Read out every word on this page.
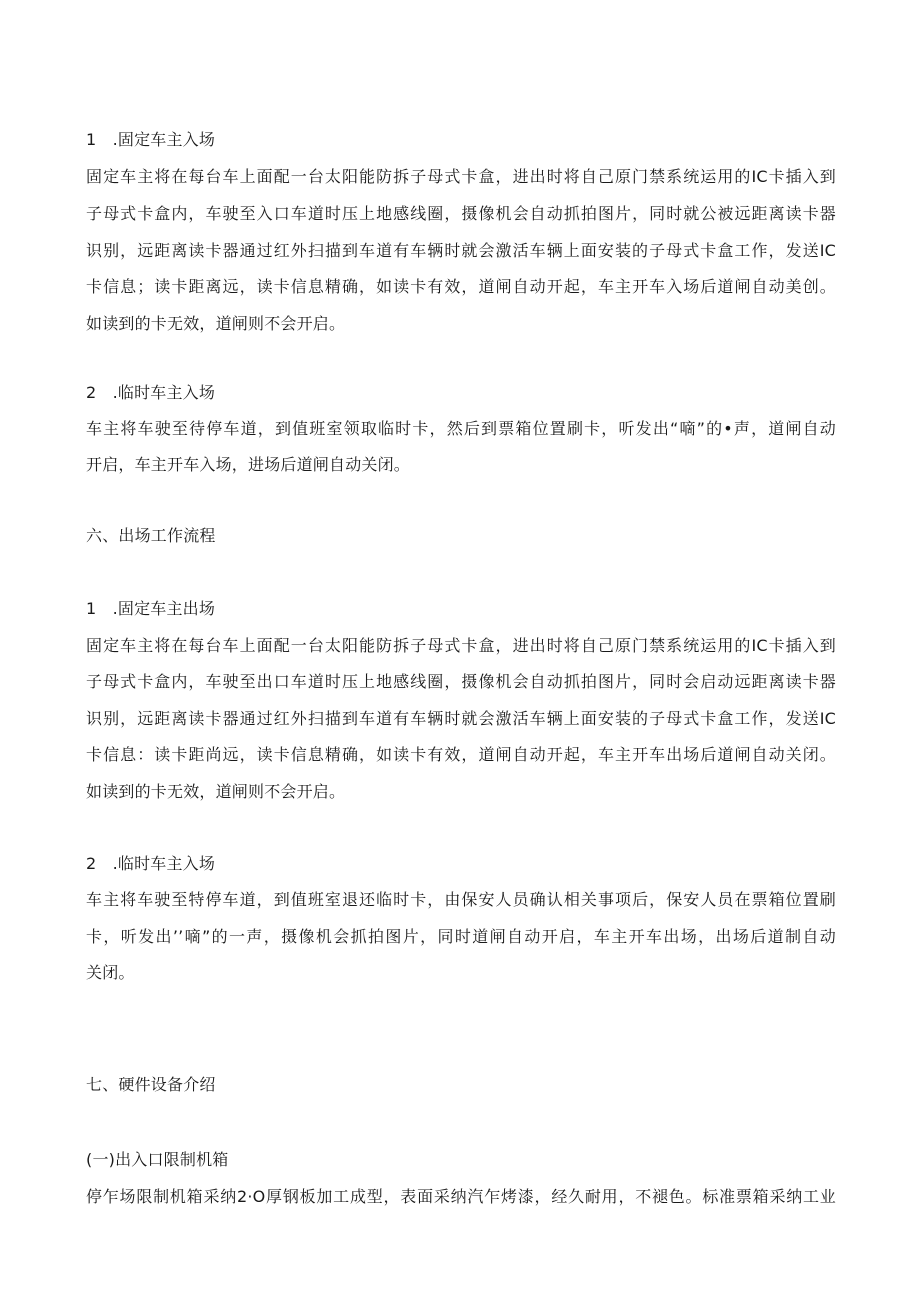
1　.固定车主入场
固定车主将在每台车上面配一台太阳能防拆子母式卡盒，进出时将自己原门禁系统运用的IC卡插入到
子母式卡盒内，车驶至入口车道时压上地感线圈，摄像机会自动抓拍图片，同时就公被远距离读卡器
识别，远距离读卡器通过红外扫描到车道有车辆时就会激活车辆上面安装的子母式卡盒工作，发送IC
卡信息；读卡距离远，读卡信息精确，如读卡有效，道闸自动开起，车主开车入场后道闸自动美创。
如读到的卡无效，道闸则不会开启。
2　.临时车主入场
车主将车驶至待停车道，到值班室领取临时卡，然后到票箱位置刷卡，听发出“嘀”的•声，道闸自动
开启，车主开车入场，进场后道闸自动关闭。
六、出场工作流程
1　.固定车主出场
固定车主将在每台车上面配一台太阳能防拆子母式卡盒，进出时将自己原门禁系统运用的IC卡插入到
子母式卡盒内，车驶至出口车道时压上地感线圈，摄像机会自动抓拍图片，同时会启动远距离读卡器
识别，远距离读卡器通过红外扫描到车道有车辆时就会激活车辆上面安装的子母式卡盒工作，发送IC
卡信息：读卡距尚远，读卡信息精确，如读卡有效，道闸自动开起，车主开车出场后道闸自动关闭。
如读到的卡无效，道闸则不会开启。
2　.临时车主入场
车主将车驶至特停车道，到值班室退还临时卡，由保安人员确认相关事项后，保安人员在票箱位置刷
卡，听发出’’嘀”的一声，摄像机会抓拍图片，同时道闸自动开启，车主开车出场，出场后道制自动
关闭。
七、硬件设备介绍
(一)出入口限制机箱
停乍场限制机箱采纳2·O厚钢板加工成型，表面采纳汽乍烤漆，经久耐用，不褪色。标准票箱采纳工业
